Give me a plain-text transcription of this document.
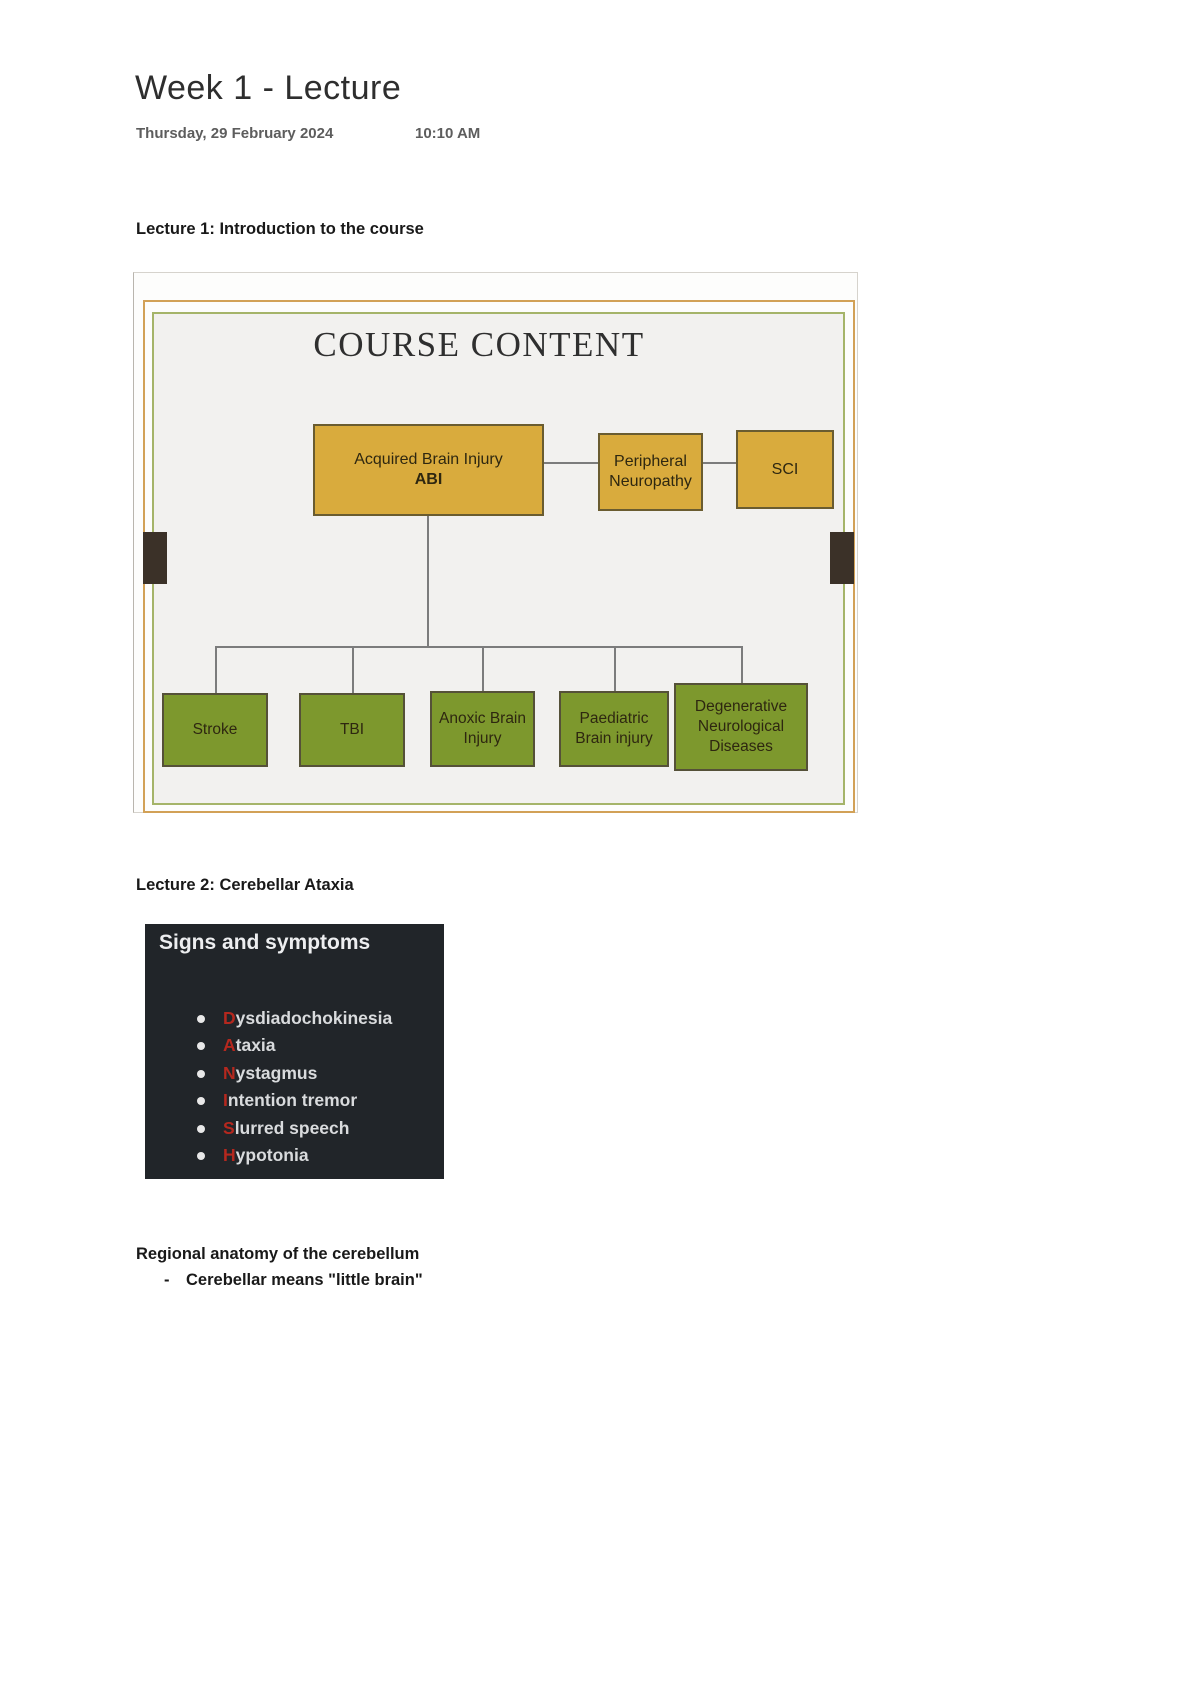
Week 1 - Lecture
Thursday, 29 February 2024	10:10 AM
Lecture 1: Introduction to the course
COURSE CONTENT
Acquired Brain Injury
ABI
Peripheral Neuropathy
SCI
Stroke	TBI
Anoxic Brain Injury
Paediatric Brain injury
Degenerative Neurological Diseases
Lecture 2: Cerebellar Ataxia
Signs and symptoms
Dysdiadochokinesia
Ataxia
Nystagmus
Intention tremor
Slurred speech
Hypotonia
Regional anatomy of the cerebellum
- Cerebellar means "little brain"
